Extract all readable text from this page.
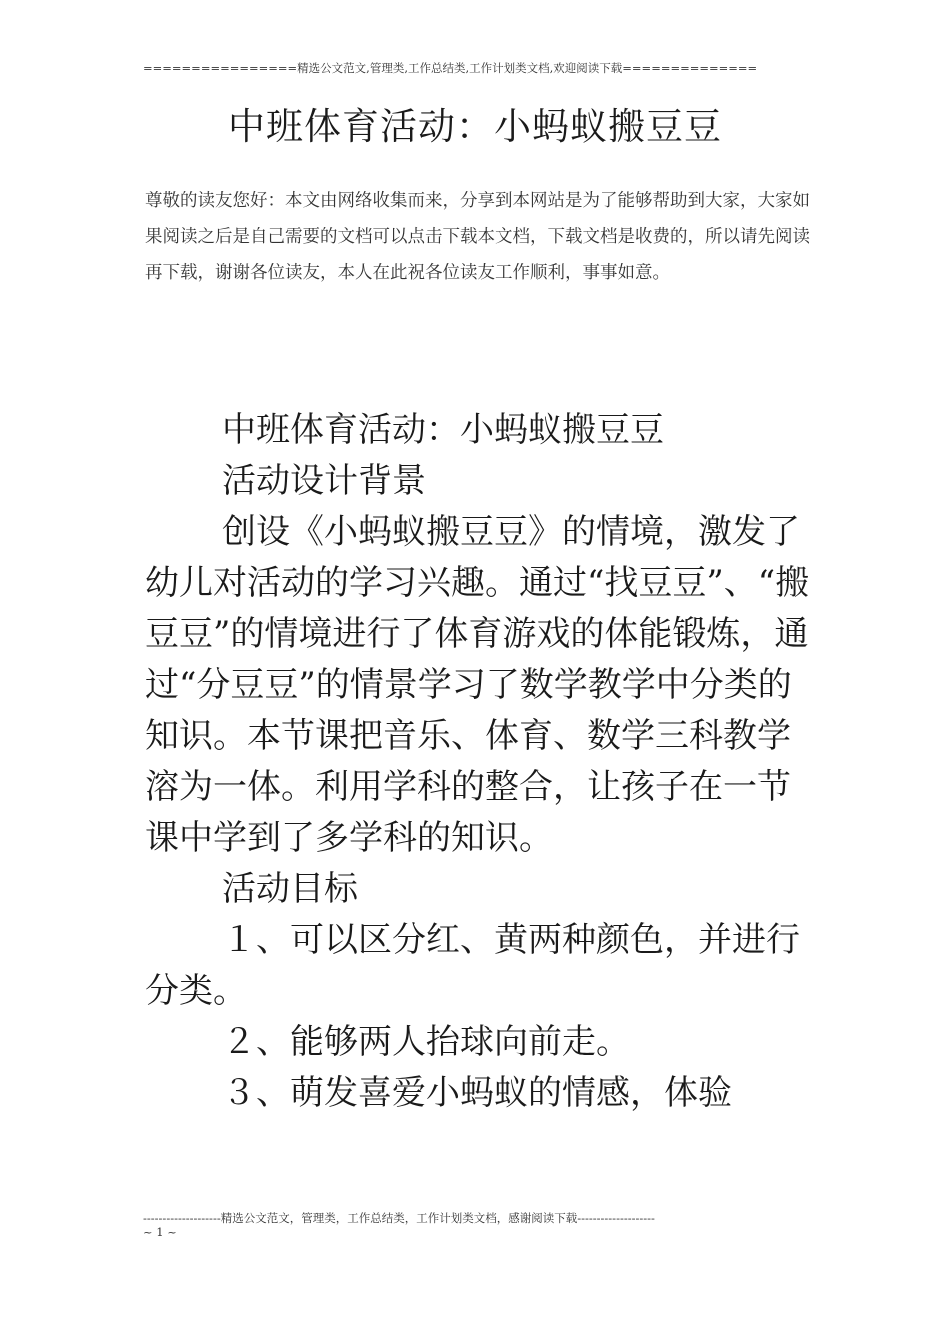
================精选公文范文,管理类,工作总结类,工作计划类文档,欢迎阅读下载==============
中班体育活动：小蚂蚁搬豆豆
尊敬的读友您好：本文由网络收集而来，分享到本网站是为了能够帮助到大家，大家如果阅读之后是自己需要的文档可以点击下载本文档，下载文档是收费的，所以请先阅读再下载，谢谢各位读友，本人在此祝各位读友工作顺利，事事如意。

中班体育活动：小蚂蚁搬豆豆

活动设计背景

创设《小蚂蚁搬豆豆》的情境，激发了幼儿对活动的学习兴趣。通过“找豆豆”、“搬豆豆”的情境进行了体育游戏的体能锻炼，通过“分豆豆”的情景学习了数学教学中分类的知识。本节课把音乐、体育、数学三科教学溶为一体。利用学科的整合，让孩子在一节课中学到了多学科的知识。

活动目标

１、可以区分红、黄两种颜色，并进行分类。

２、能够两人抬球向前走。

３、萌发喜爱小蚂蚁的情感，体验

--------------------精选公文范文，管理类，工作总结类，工作计划类文档，感谢阅读下载--------------------
~ 1 ~
